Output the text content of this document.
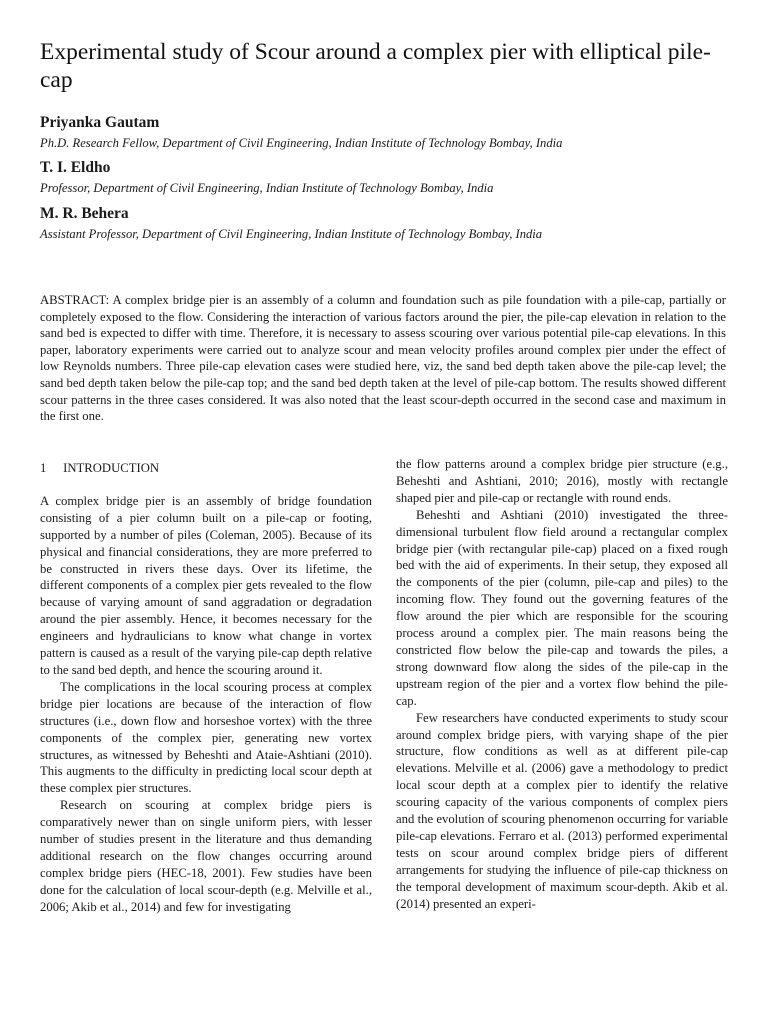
Experimental study of Scour around a complex pier with elliptical pile-cap

Priyanka Gautam

Ph.D. Research Fellow, Department of Civil Engineering, Indian Institute of Technology Bombay, India

T. I. Eldho

Professor, Department of Civil Engineering, Indian Institute of Technology Bombay, India

M. R. Behera

Assistant Professor, Department of Civil Engineering, Indian Institute of Technology Bombay, India

ABSTRACT: A complex bridge pier is an assembly of a column and foundation such as pile foundation with a pile-cap, partially or completely exposed to the flow. Considering the interaction of various factors around the pier, the pile-cap elevation in relation to the sand bed is expected to differ with time. Therefore, it is necessary to assess scouring over various potential pile-cap elevations. In this paper, laboratory experiments were carried out to analyze scour and mean velocity profiles around complex pier under the effect of low Reynolds numbers. Three pile-cap elevation cases were studied here, viz, the sand bed depth taken above the pile-cap level; the sand bed depth taken below the pile-cap top; and the sand bed depth taken at the level of pile-cap bottom. The results showed different scour patterns in the three cases considered. It was also noted that the least scour-depth occurred in the second case and maximum in the first one.

1 INTRODUCTION

A complex bridge pier is an assembly of bridge foundation consisting of a pier column built on a pile-cap or footing, supported by a number of piles (Coleman, 2005). Because of its physical and financial considerations, they are more preferred to be constructed in rivers these days. Over its lifetime, the different components of a complex pier gets revealed to the flow because of varying amount of sand aggradation or degradation around the pier assembly. Hence, it becomes necessary for the engineers and hydraulicians to know what change in vortex pattern is caused as a result of the varying pile-cap depth relative to the sand bed depth, and hence the scouring around it.

The complications in the local scouring process at complex bridge pier locations are because of the interaction of flow structures (i.e., down flow and horseshoe vortex) with the three components of the complex pier, generating new vortex structures, as witnessed by Beheshti and Ataie-Ashtiani (2010). This augments to the difficulty in predicting local scour depth at these complex pier structures.

Research on scouring at complex bridge piers is comparatively newer than on single uniform piers, with lesser number of studies present in the literature and thus demanding additional research on the flow changes occurring around complex bridge piers (HEC-18, 2001). Few studies have been done for the calculation of local scour-depth (e.g. Melville et al., 2006; Akib et al., 2014) and few for investigating

the flow patterns around a complex bridge pier structure (e.g., Beheshti and Ashtiani, 2010; 2016), mostly with rectangle shaped pier and pile-cap or rectangle with round ends.

Beheshti and Ashtiani (2010) investigated the three-dimensional turbulent flow field around a rectangular complex bridge pier (with rectangular pile-cap) placed on a fixed rough bed with the aid of experiments. In their setup, they exposed all the components of the pier (column, pile-cap and piles) to the incoming flow. They found out the governing features of the flow around the pier which are responsible for the scouring process around a complex pier. The main reasons being the constricted flow below the pile-cap and towards the piles, a strong downward flow along the sides of the pile-cap in the upstream region of the pier and a vortex flow behind the pile-cap.

Few researchers have conducted experiments to study scour around complex bridge piers, with varying shape of the pier structure, flow conditions as well as at different pile-cap elevations. Melville et al. (2006) gave a methodology to predict local scour depth at a complex pier to identify the relative scouring capacity of the various components of complex piers and the evolution of scouring phenomenon occurring for variable pile-cap elevations. Ferraro et al. (2013) performed experimental tests on scour around complex bridge piers of different arrangements for studying the influence of pile-cap thickness on the temporal development of maximum scour-depth. Akib et al. (2014) presented an experi-
